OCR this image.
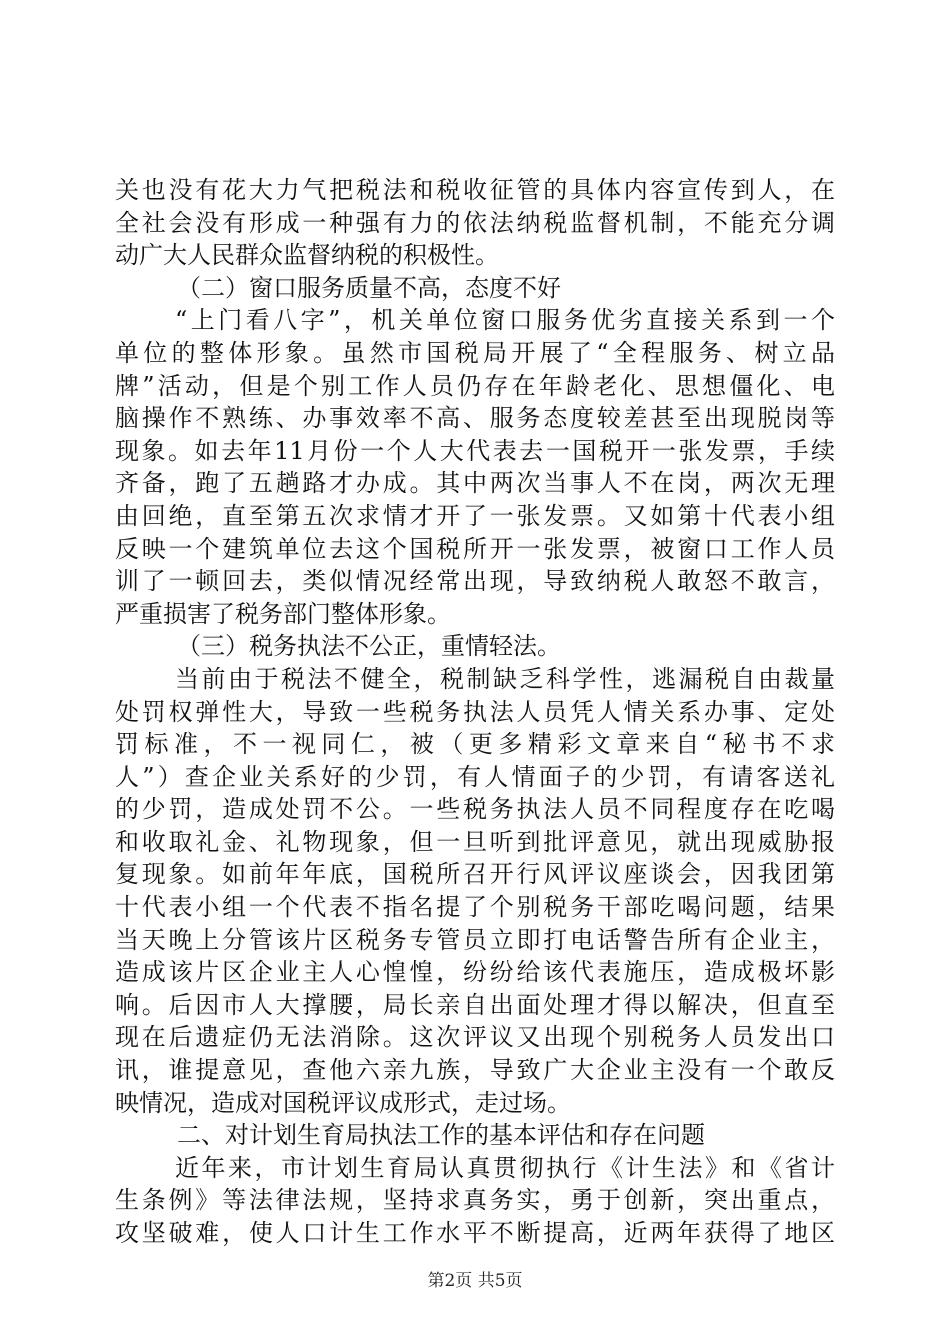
关也没有花大力气把税法和税收征管的具体内容宣传到人，在
全社会没有形成一种强有力的依法纳税监督机制，不能充分调
动广大人民群众监督纳税的积极性。
（二）窗口服务质量不高，态度不好
“上门看八字”，机关单位窗口服务优劣直接关系到一个
单位的整体形象。虽然市国税局开展了“全程服务、树立品
牌”活动，但是个别工作人员仍存在年龄老化、思想僵化、电
脑操作不熟练、办事效率不高、服务态度较差甚至出现脱岗等
现象。如去年11月份一个人大代表去一国税开一张发票，手续
齐备，跑了五趟路才办成。其中两次当事人不在岗，两次无理
由回绝，直至第五次求情才开了一张发票。又如第十代表小组
反映一个建筑单位去这个国税所开一张发票，被窗口工作人员
训了一顿回去，类似情况经常出现，导致纳税人敢怒不敢言，
严重损害了税务部门整体形象。
（三）税务执法不公正，重情轻法。
当前由于税法不健全，税制缺乏科学性，逃漏税自由裁量
处罚权弹性大，导致一些税务执法人员凭人情关系办事、定处
罚标准，不一视同仁，被（更多精彩文章来自“秘书不求
人”）查企业关系好的少罚，有人情面子的少罚，有请客送礼
的少罚，造成处罚不公。一些税务执法人员不同程度存在吃喝
和收取礼金、礼物现象，但一旦听到批评意见，就出现威胁报
复现象。如前年年底，国税所召开行风评议座谈会，因我团第
十代表小组一个代表不指名提了个别税务干部吃喝问题，结果
当天晚上分管该片区税务专管员立即打电话警告所有企业主，
造成该片区企业主人心惶惶，纷纷给该代表施压，造成极坏影
响。后因市人大撑腰，局长亲自出面处理才得以解决，但直至
现在后遗症仍无法消除。这次评议又出现个别税务人员发出口
讯，谁提意见，查他六亲九族，导致广大企业主没有一个敢反
映情况，造成对国税评议成形式，走过场。
二、对计划生育局执法工作的基本评估和存在问题
近年来，市计划生育局认真贯彻执行《计生法》和《省计
生条例》等法律法规，坚持求真务实，勇于创新，突出重点，
攻坚破难，使人口计生工作水平不断提高，近两年获得了地区
第2页 共5页
